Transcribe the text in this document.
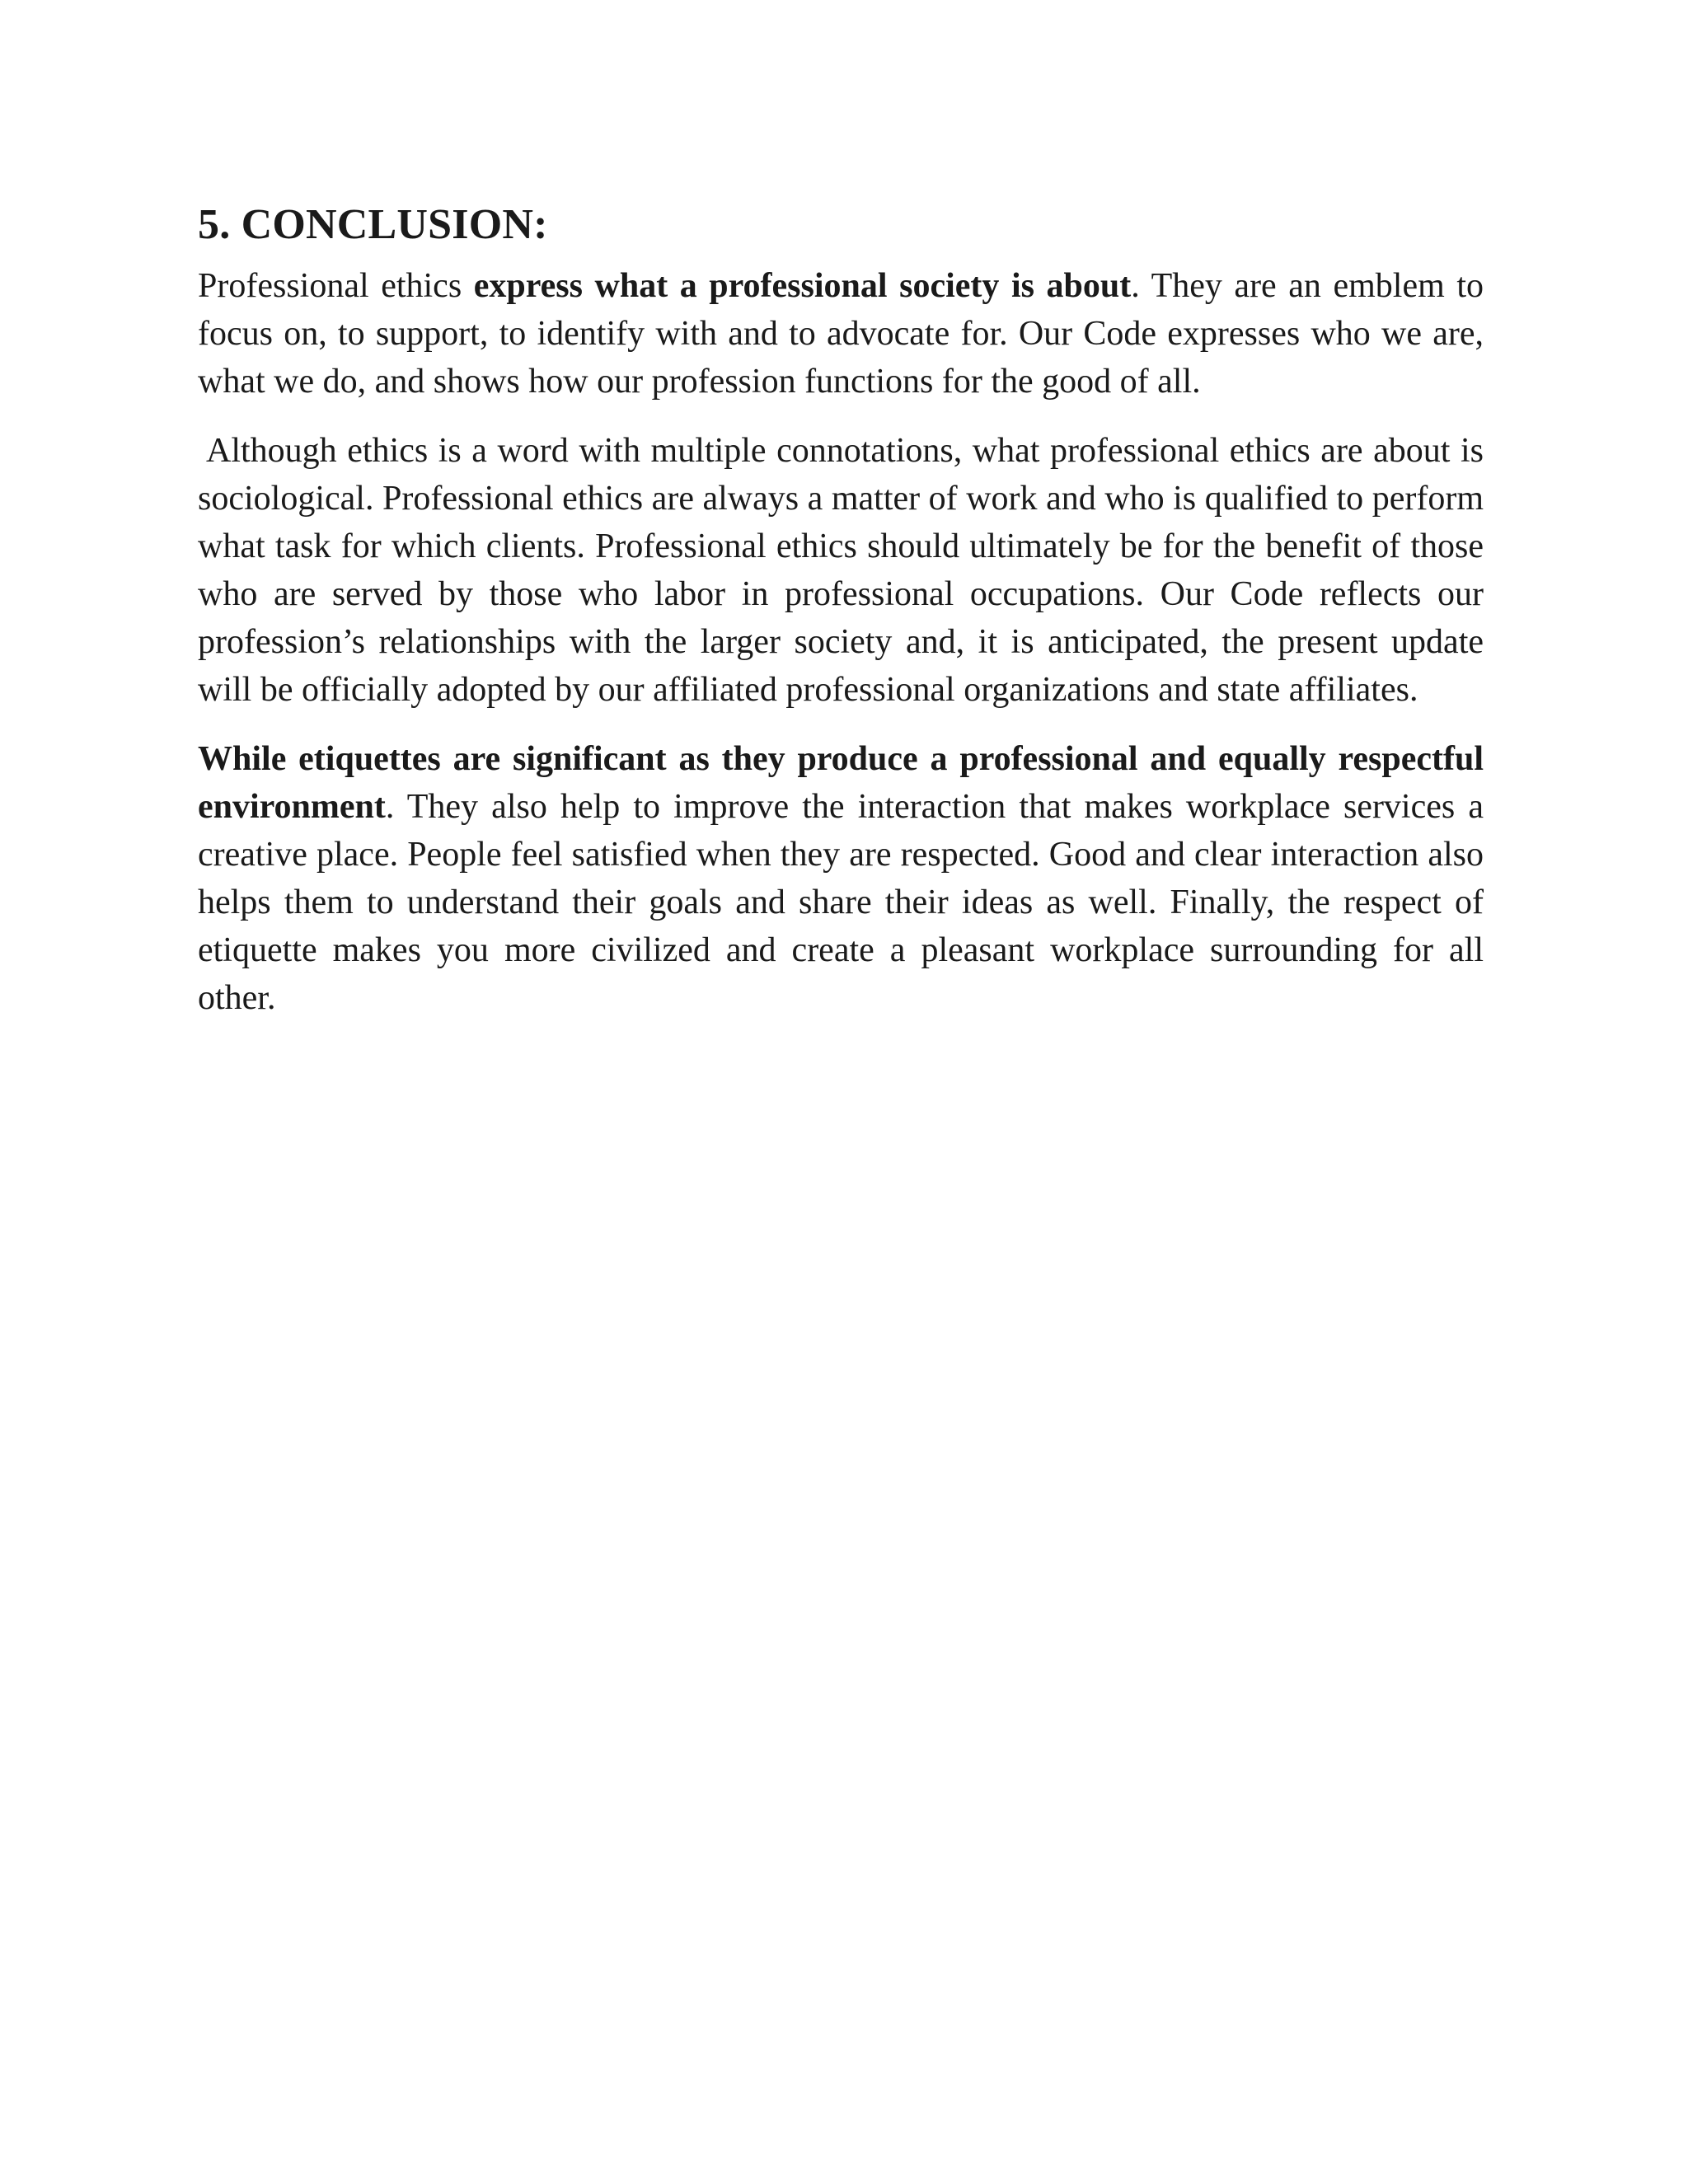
5. CONCLUSION:

Professional ethics express what a professional society is about. They are an emblem to focus on, to support, to identify with and to advocate for. Our Code expresses who we are, what we do, and shows how our profession functions for the good of all.

Although ethics is a word with multiple connotations, what professional ethics are about is sociological. Professional ethics are always a matter of work and who is qualified to perform what task for which clients. Professional ethics should ultimately be for the benefit of those who are served by those who labor in professional occupations. Our Code reflects our profession’s relationships with the larger society and, it is anticipated, the present update will be officially adopted by our affiliated professional organizations and state affiliates.

While etiquettes are significant as they produce a professional and equally respectful environment. They also help to improve the interaction that makes workplace services a creative place. People feel satisfied when they are respected. Good and clear interaction also helps them to understand their goals and share their ideas as well. Finally, the respect of etiquette makes you more civilized and create a pleasant workplace surrounding for all other.
